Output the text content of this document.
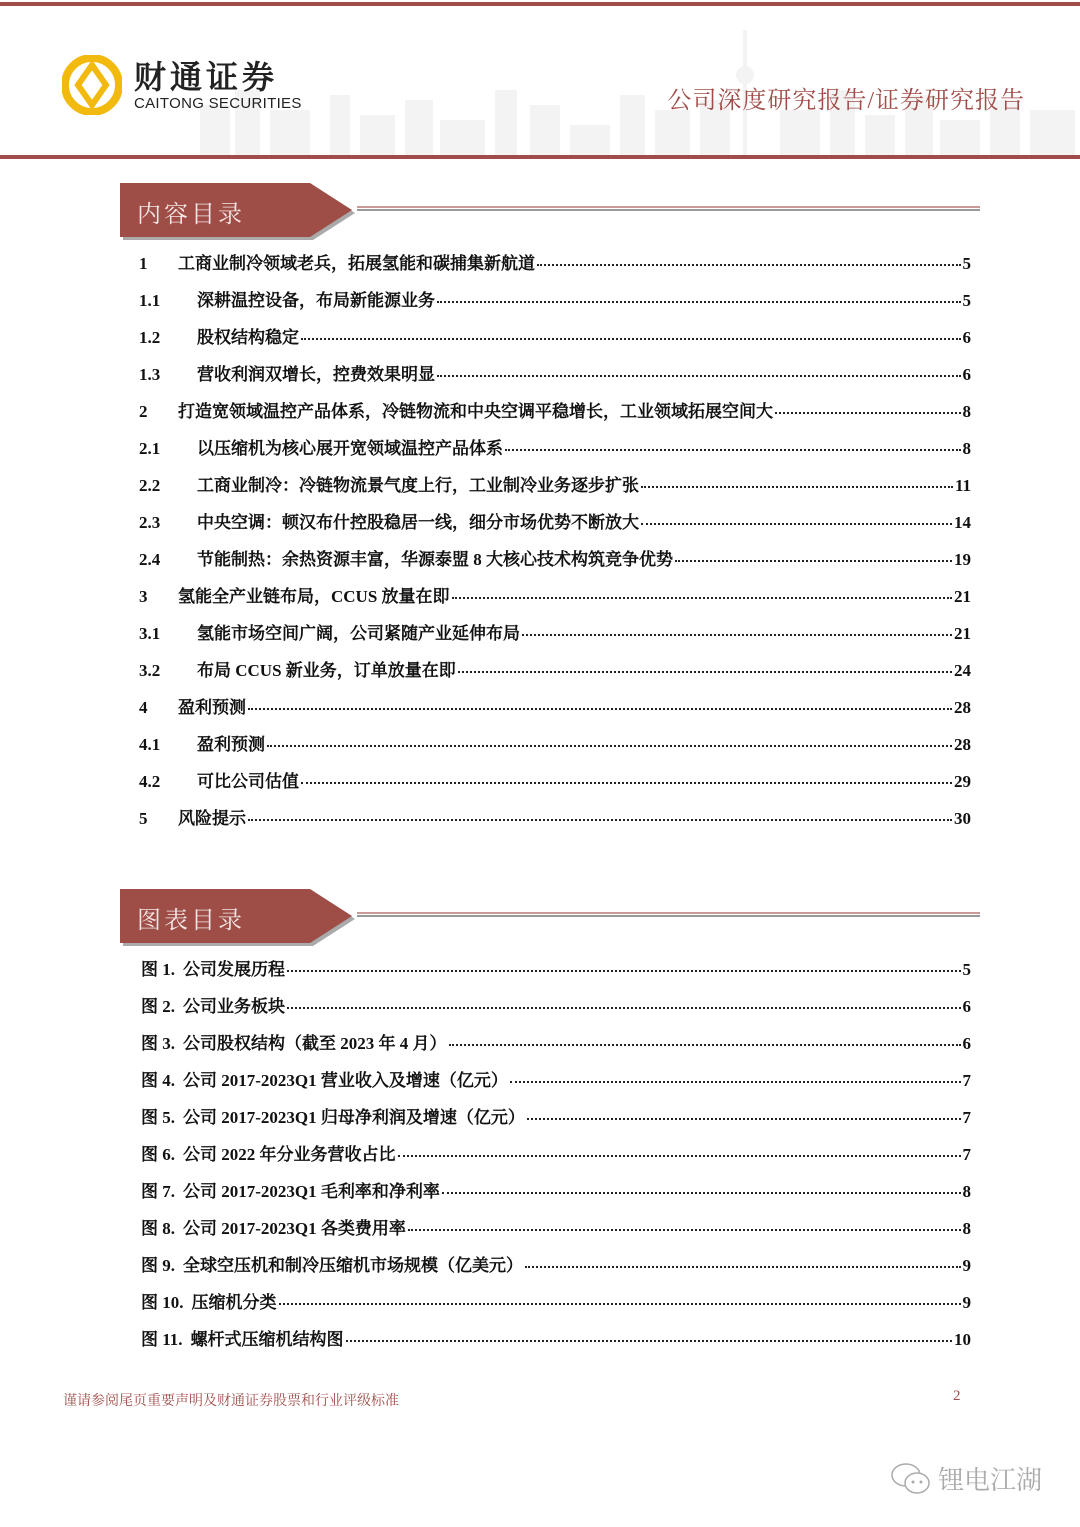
财通证券
CAITONG SECURITIES	公司深度研究报告/证券研究报告
内容目录
1	工商业制冷领域老兵，拓展氢能和碳捕集新航道	5
1.1	深耕温控设备，布局新能源业务	5
1.2	股权结构稳定	6
1.3	营收利润双增长，控费效果明显	6
2	打造宽领域温控产品体系，冷链物流和中央空调平稳增长，工业领域拓展空间大	8
2.1	以压缩机为核心展开宽领域温控产品体系	8
2.2	工商业制冷：冷链物流景气度上行，工业制冷业务逐步扩张	11
2.3	中央空调：顿汉布什控股稳居一线，细分市场优势不断放大	14
2.4	节能制热：余热资源丰富，华源泰盟 8 大核心技术构筑竞争优势	19
3	氢能全产业链布局，CCUS 放量在即	21
3.1	氢能市场空间广阔，公司紧随产业延伸布局	21
3.2	布局 CCUS 新业务，订单放量在即	24
4	盈利预测	28
4.1	盈利预测	28
4.2	可比公司估值	29
5	风险提示	30
图表目录
图 1. 公司发展历程	5
图 2. 公司业务板块	6
图 3. 公司股权结构（截至 2023 年 4 月）	6
图 4. 公司 2017-2023Q1 营业收入及增速（亿元）	7
图 5. 公司 2017-2023Q1 归母净利润及增速（亿元）	7
图 6. 公司 2022 年分业务营收占比	7
图 7. 公司 2017-2023Q1 毛利率和净利率	8
图 8. 公司 2017-2023Q1 各类费用率	8
图 9. 全球空压机和制冷压缩机市场规模（亿美元）	9
图 10. 压缩机分类	9
图 11. 螺杆式压缩机结构图	10
谨请参阅尾页重要声明及财通证券股票和行业评级标准	2
锂电江湖
